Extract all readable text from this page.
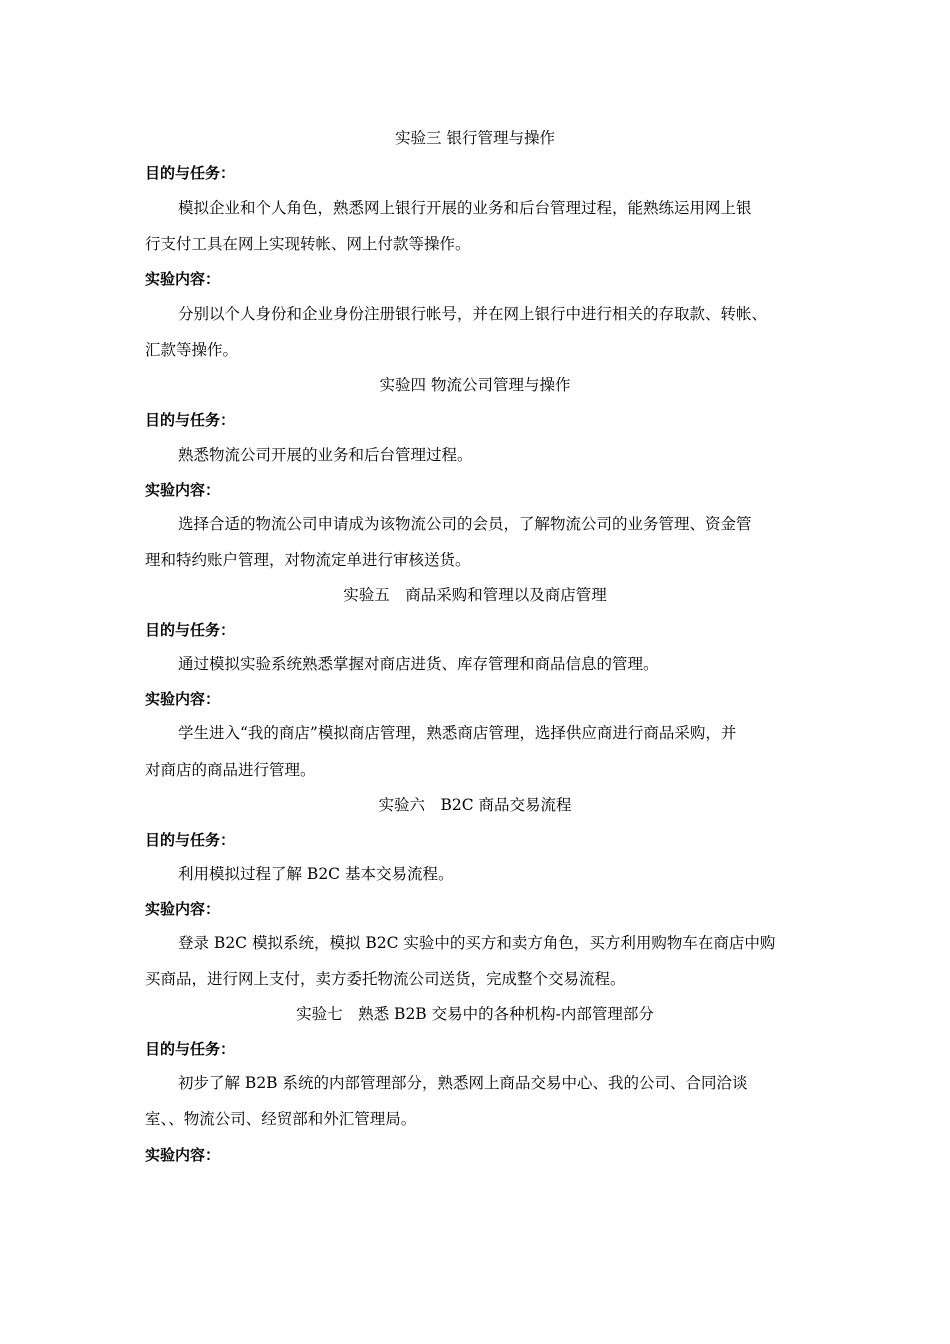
实验三 银行管理与操作
目的与任务：
模拟企业和个人角色，熟悉网上银行开展的业务和后台管理过程，能熟练运用网上银
行支付工具在网上实现转帐、网上付款等操作。
实验内容：
分别以个人身份和企业身份注册银行帐号，并在网上银行中进行相关的存取款、转帐、
汇款等操作。
实验四 物流公司管理与操作
目的与任务：
熟悉物流公司开展的业务和后台管理过程。
实验内容：
选择合适的物流公司申请成为该物流公司的会员，了解物流公司的业务管理、资金管
理和特约账户管理，对物流定单进行审核送货。
实验五　商品采购和管理以及商店管理
目的与任务：
通过模拟实验系统熟悉掌握对商店进货、库存管理和商品信息的管理。
实验内容：
学生进入“我的商店”模拟商店管理，熟悉商店管理，选择供应商进行商品采购，并
对商店的商品进行管理。
实验六　B2C 商品交易流程
目的与任务：
利用模拟过程了解 B2C 基本交易流程。
实验内容：
登录 B2C 模拟系统，模拟 B2C 实验中的买方和卖方角色，买方利用购物车在商店中购
买商品，进行网上支付，卖方委托物流公司送货，完成整个交易流程。
实验七　熟悉 B2B 交易中的各种机构-内部管理部分
目的与任务：
初步了解 B2B 系统的内部管理部分，熟悉网上商品交易中心、我的公司、合同洽谈
室、、物流公司、经贸部和外汇管理局。
实验内容：
